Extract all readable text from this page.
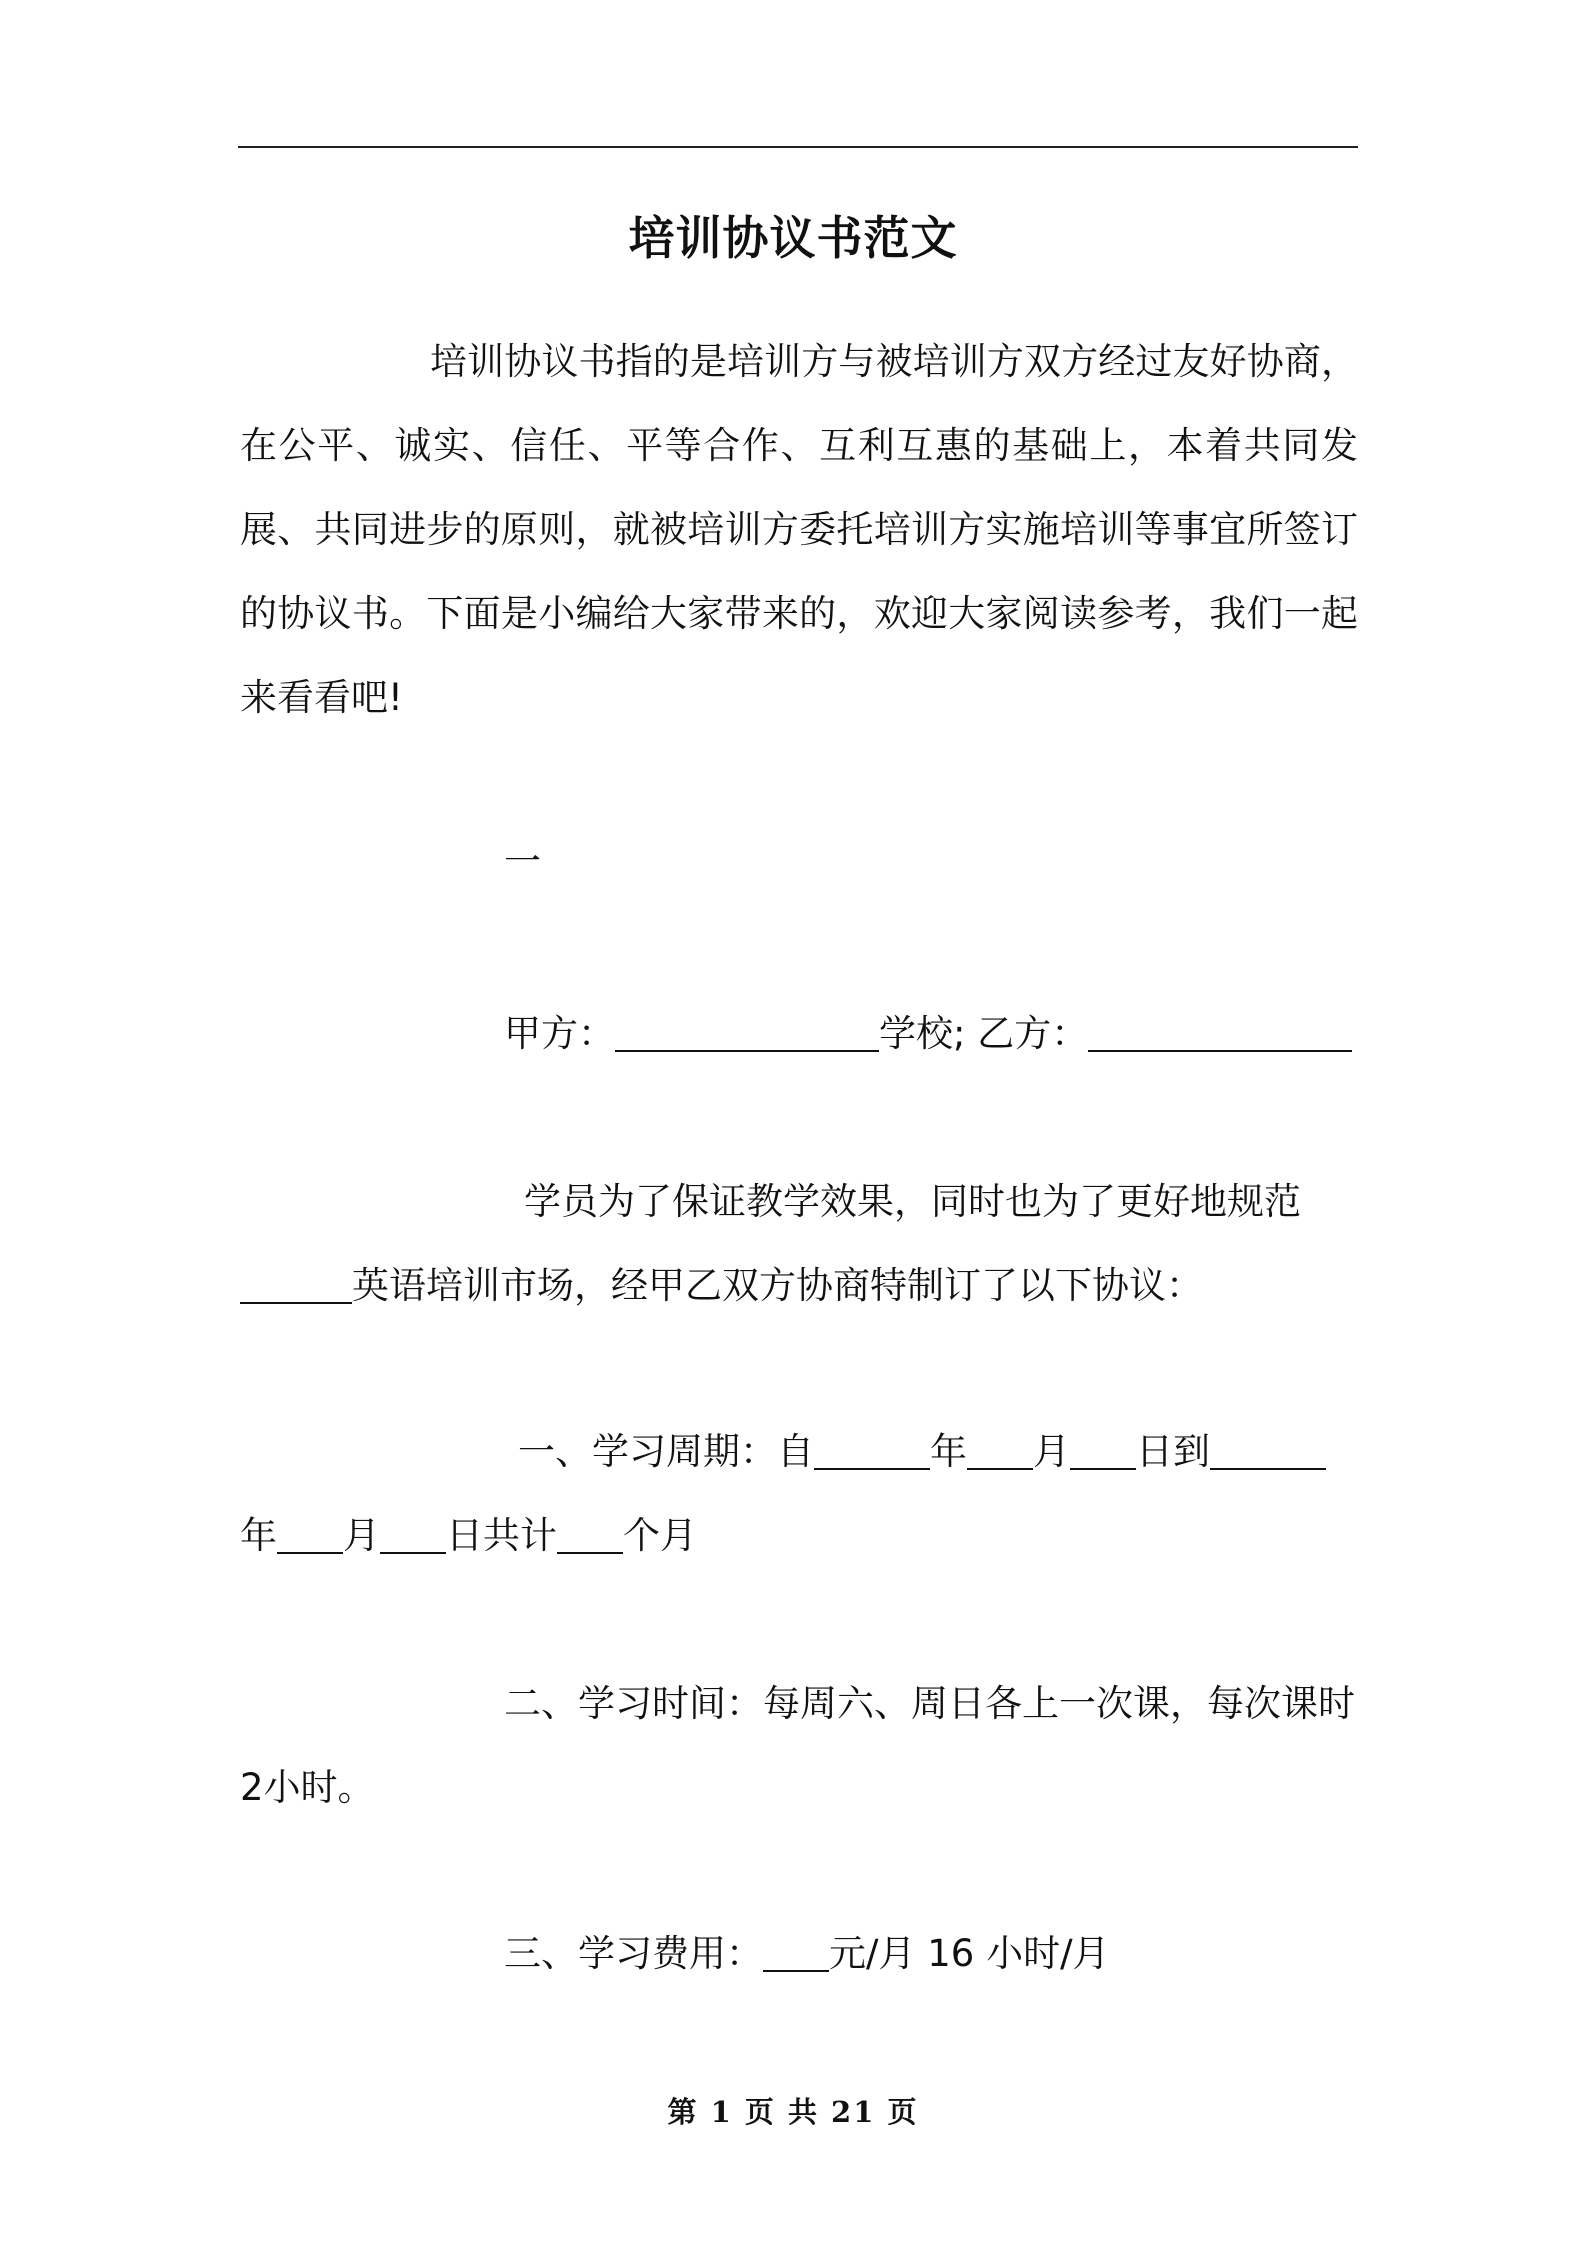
培训协议书范文

培训协议书指的是培训方与被培训方双方经过友好协商，在公平、诚实、信任、平等合作、互利互惠的基础上，本着共同发展、共同进步的原则，就被培训方委托培训方实施培训等事宜所签订的协议书。下面是小编给大家带来的，欢迎大家阅读参考，我们一起来看看吧!

一
甲方：	学校; 乙方：

学员为了保证教学效果，同时也为了更好地规范
英语培训市场，经甲乙双方协商特制订了以下协议：

一、学习周期：自	年 月 日到
年 月 日共计 个月

二、学习时间：每周六、周日各上一次课，每次课时2小时。

三、学习费用： 元/月 16 小时/月

第 1 页 共 21 页
